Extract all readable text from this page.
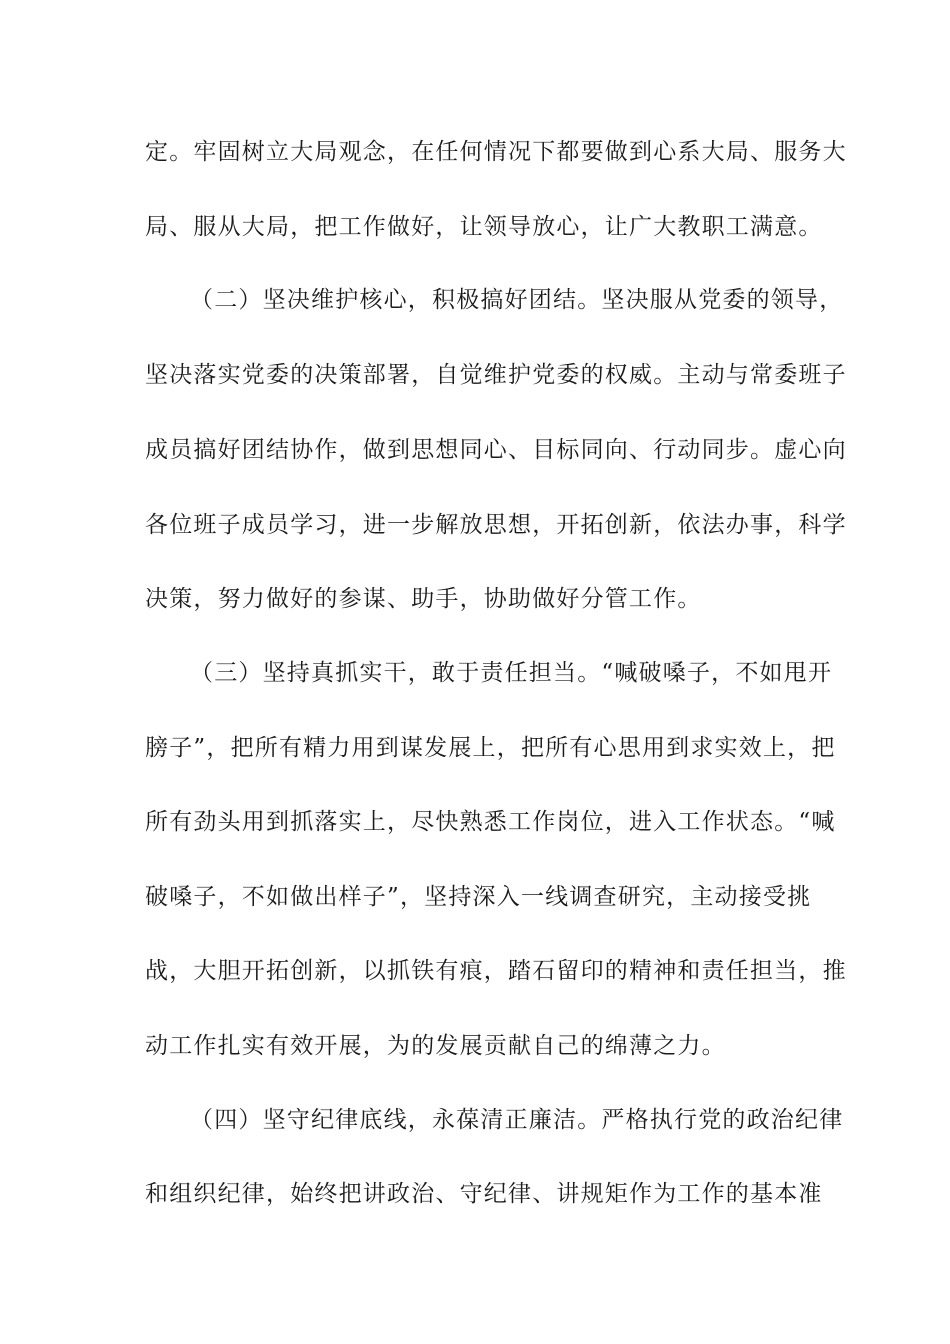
定。牢固树立大局观念，在任何情况下都要做到心系大局、服务大
局、服从大局，把工作做好，让领导放心，让广大教职工满意。
（二）坚决维护核心，积极搞好团结。坚决服从党委的领导，
坚决落实党委的决策部署，自觉维护党委的权威。主动与常委班子
成员搞好团结协作，做到思想同心、目标同向、行动同步。虚心向
各位班子成员学习，进一步解放思想，开拓创新，依法办事，科学
决策，努力做好的参谋、助手，协助做好分管工作。
（三）坚持真抓实干，敢于责任担当。“喊破嗓子，不如甩开
膀子”，把所有精力用到谋发展上，把所有心思用到求实效上，把
所有劲头用到抓落实上，尽快熟悉工作岗位，进入工作状态。“喊
破嗓子，不如做出样子”，坚持深入一线调查研究，主动接受挑
战，大胆开拓创新，以抓铁有痕，踏石留印的精神和责任担当，推
动工作扎实有效开展，为的发展贡献自己的绵薄之力。
（四）坚守纪律底线，永葆清正廉洁。严格执行党的政治纪律
和组织纪律，始终把讲政治、守纪律、讲规矩作为工作的基本准
